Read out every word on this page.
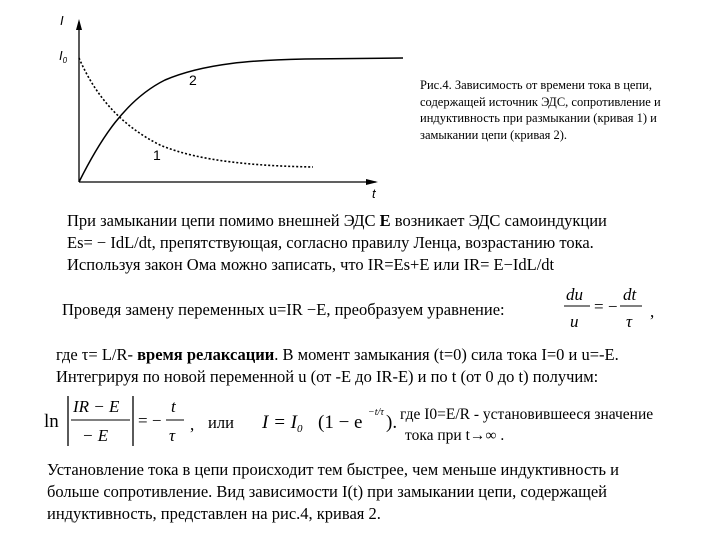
I
$I_0$
2
1
t
Рис.4. Зависимость от времени тока в цепи, содержащей источник ЭДС, сопротивление и индуктивность при размыкании (кривая 1) и замыкании цепи (кривая 2).
При замыкании цепи помимо внешней ЭДС E возникает ЭДС самоиндукции
Es= − IdL/dt, препятствующая, согласно правилу Ленца, возрастанию тока.
Используя закон Ома можно записать, что IR=Es+E или IR= E−IdL/dt
Проведя замену переменных u=IR −E, преобразуем уравнение:
du
u
= −
dt
τ
,
где τ= L/R- время релаксации. В момент замыкания (t=0) сила тока I=0 и u=-E.
Интегрируя по новой переменной u (от -E до IR-E) и по t (от 0 до t) получим:
ln
IR − E
− E
= −
t
τ
, или $I = I_0$ (1 − e −t/τ ). где I0=E/R - установившееся значение
тока при t→∞ .
Установление тока в цепи происходит тем быстрее, чем меньше индуктивность и
больше сопротивление. Вид зависимости I(t) при замыкании цепи, содержащей
индуктивность, представлен на рис.4, кривая 2.
